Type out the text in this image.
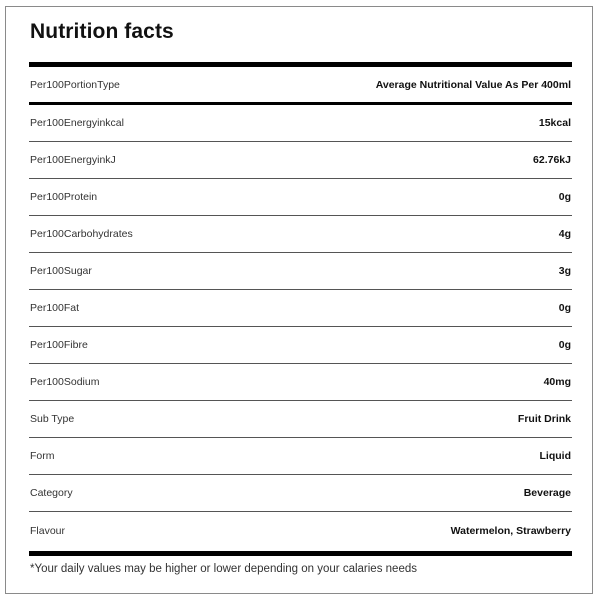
Nutrition facts
Per100PortionType	Average Nutritional Value As Per 400ml
Per100Energyinkcal	15kcal
Per100EnergyinkJ	62.76kJ
Per100Protein	0g
Per100Carbohydrates	4g
Per100Sugar	3g
Per100Fat	0g
Per100Fibre	0g
Per100Sodium	40mg
Sub Type	Fruit Drink
Form	Liquid
Category	Beverage
Flavour	Watermelon, Strawberry
*Your daily values may be higher or lower depending on your calaries needs
